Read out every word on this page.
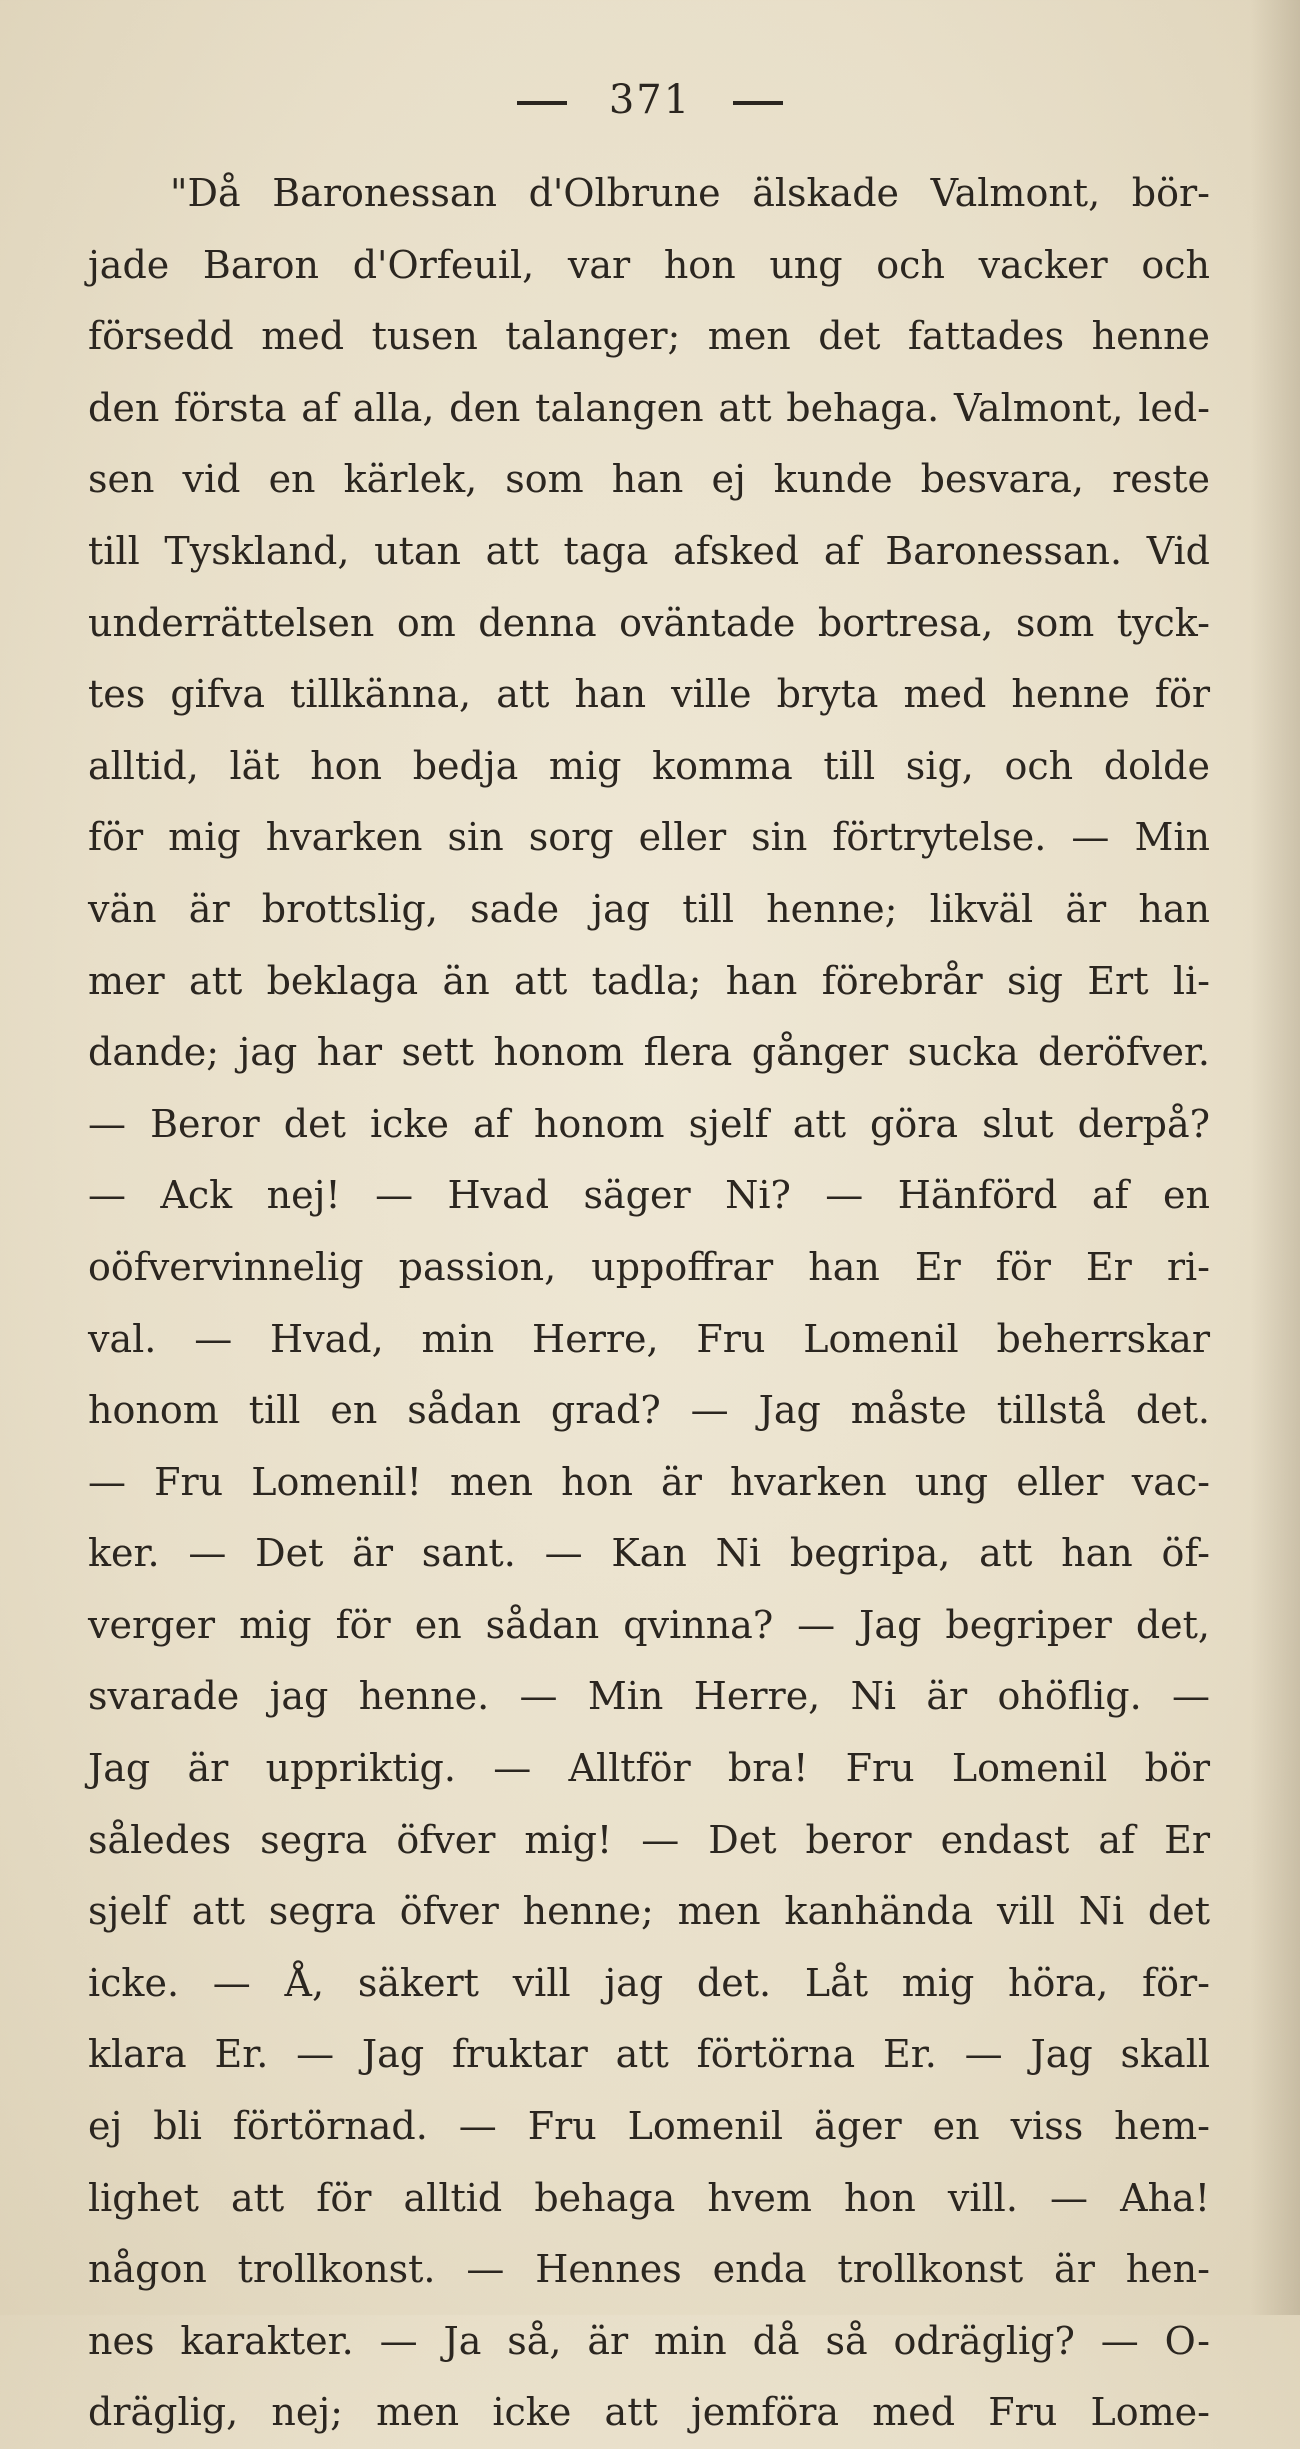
371
"Då Baronessan d'Olbrune älskade Valmont, bör-
jade Baron d'Orfeuil, var hon ung och vacker och
försedd med tusen talanger; men det fattades henne
den första af alla, den talangen att behaga. Valmont, led-
sen vid en kärlek, som han ej kunde besvara, reste
till Tyskland, utan att taga afsked af Baronessan. Vid
underrättelsen om denna oväntade bortresa, som tyck-
tes gifva tillkänna, att han ville bryta med henne för
alltid, lät hon bedja mig komma till sig, och dolde
för mig hvarken sin sorg eller sin förtrytelse. — Min
vän är brottslig, sade jag till henne; likväl är han
mer att beklaga än att tadla; han förebrår sig Ert li-
dande; jag har sett honom flera gånger sucka deröfver.
— Beror det icke af honom sjelf att göra slut derpå?
— Ack nej! — Hvad säger Ni? — Hänförd af en
oöfvervinnelig passion, uppoffrar han Er för Er ri-
val. — Hvad, min Herre, Fru Lomenil beherrskar
honom till en sådan grad? — Jag måste tillstå det.
— Fru Lomenil! men hon är hvarken ung eller vac-
ker. — Det är sant. — Kan Ni begripa, att han öf-
verger mig för en sådan qvinna? — Jag begriper det,
svarade jag henne. — Min Herre, Ni är ohöflig. —
Jag är uppriktig. — Alltför bra! Fru Lomenil bör
således segra öfver mig! — Det beror endast af Er
sjelf att segra öfver henne; men kanhända vill Ni det
icke. — Å, säkert vill jag det. Låt mig höra, för-
klara Er. — Jag fruktar att förtörna Er. — Jag skall
ej bli förtörnad. — Fru Lomenil äger en viss hem-
lighet att för alltid behaga hvem hon vill. — Aha!
någon trollkonst. — Hennes enda trollkonst är hen-
nes karakter. — Ja så, är min då så odräglig? — O-
dräglig, nej; men icke att jemföra med Fru Lome-
